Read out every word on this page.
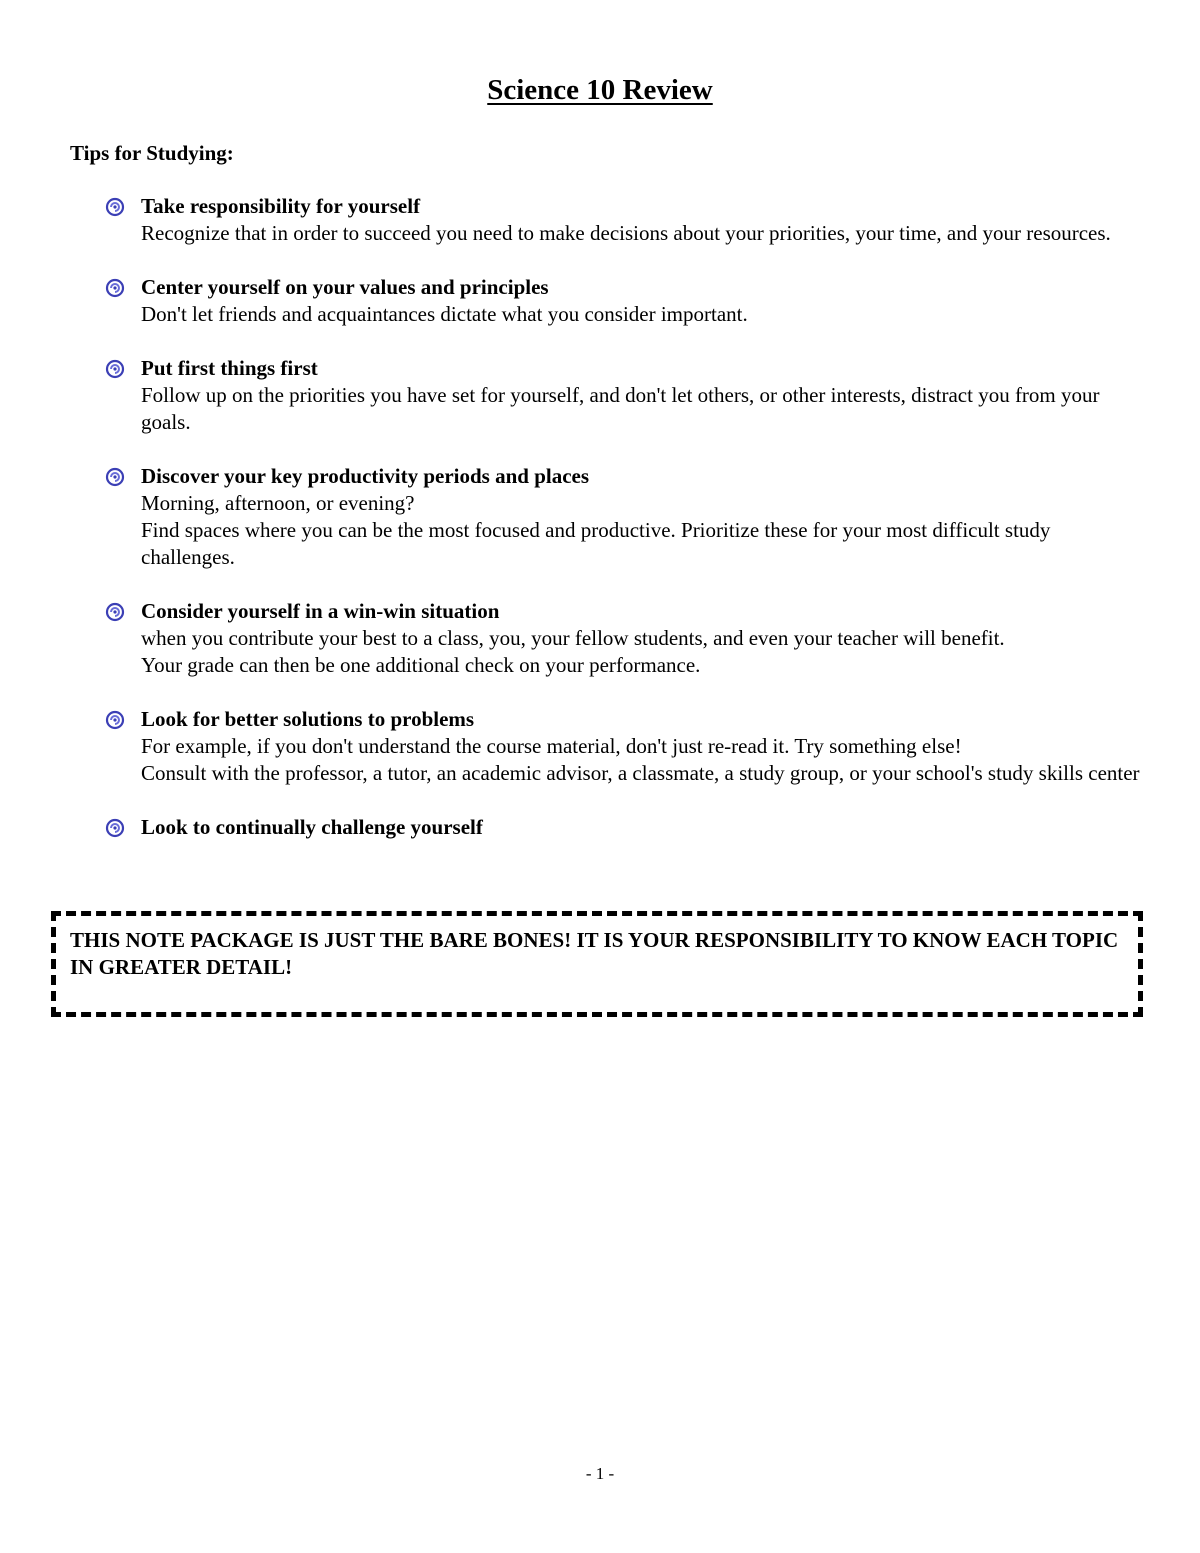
Science 10 Review
Tips for Studying:
Take responsibility for yourself
Recognize that in order to succeed you need to make decisions about your priorities, your time, and your resources.
Center yourself on your values and principles
Don't let friends and acquaintances dictate what you consider important.
Put first things first
Follow up on the priorities you have set for yourself, and don't let others, or other interests, distract you from your goals.
Discover your key productivity periods and places
Morning, afternoon, or evening?
Find spaces where you can be the most focused and productive. Prioritize these for your most difficult study challenges.
Consider yourself in a win-win situation
when you contribute your best to a class, you, your fellow students, and even your teacher will benefit.
Your grade can then be one additional check on your performance.
Look for better solutions to problems
For example, if you don't understand the course material, don't just re-read it. Try something else!
Consult with the professor, a tutor, an academic advisor, a classmate, a study group, or your school's study skills center
Look to continually challenge yourself
THIS NOTE PACKAGE IS JUST THE BARE BONES! IT IS YOUR RESPONSIBILITY TO KNOW EACH TOPIC IN GREATER DETAIL!
- 1 -
